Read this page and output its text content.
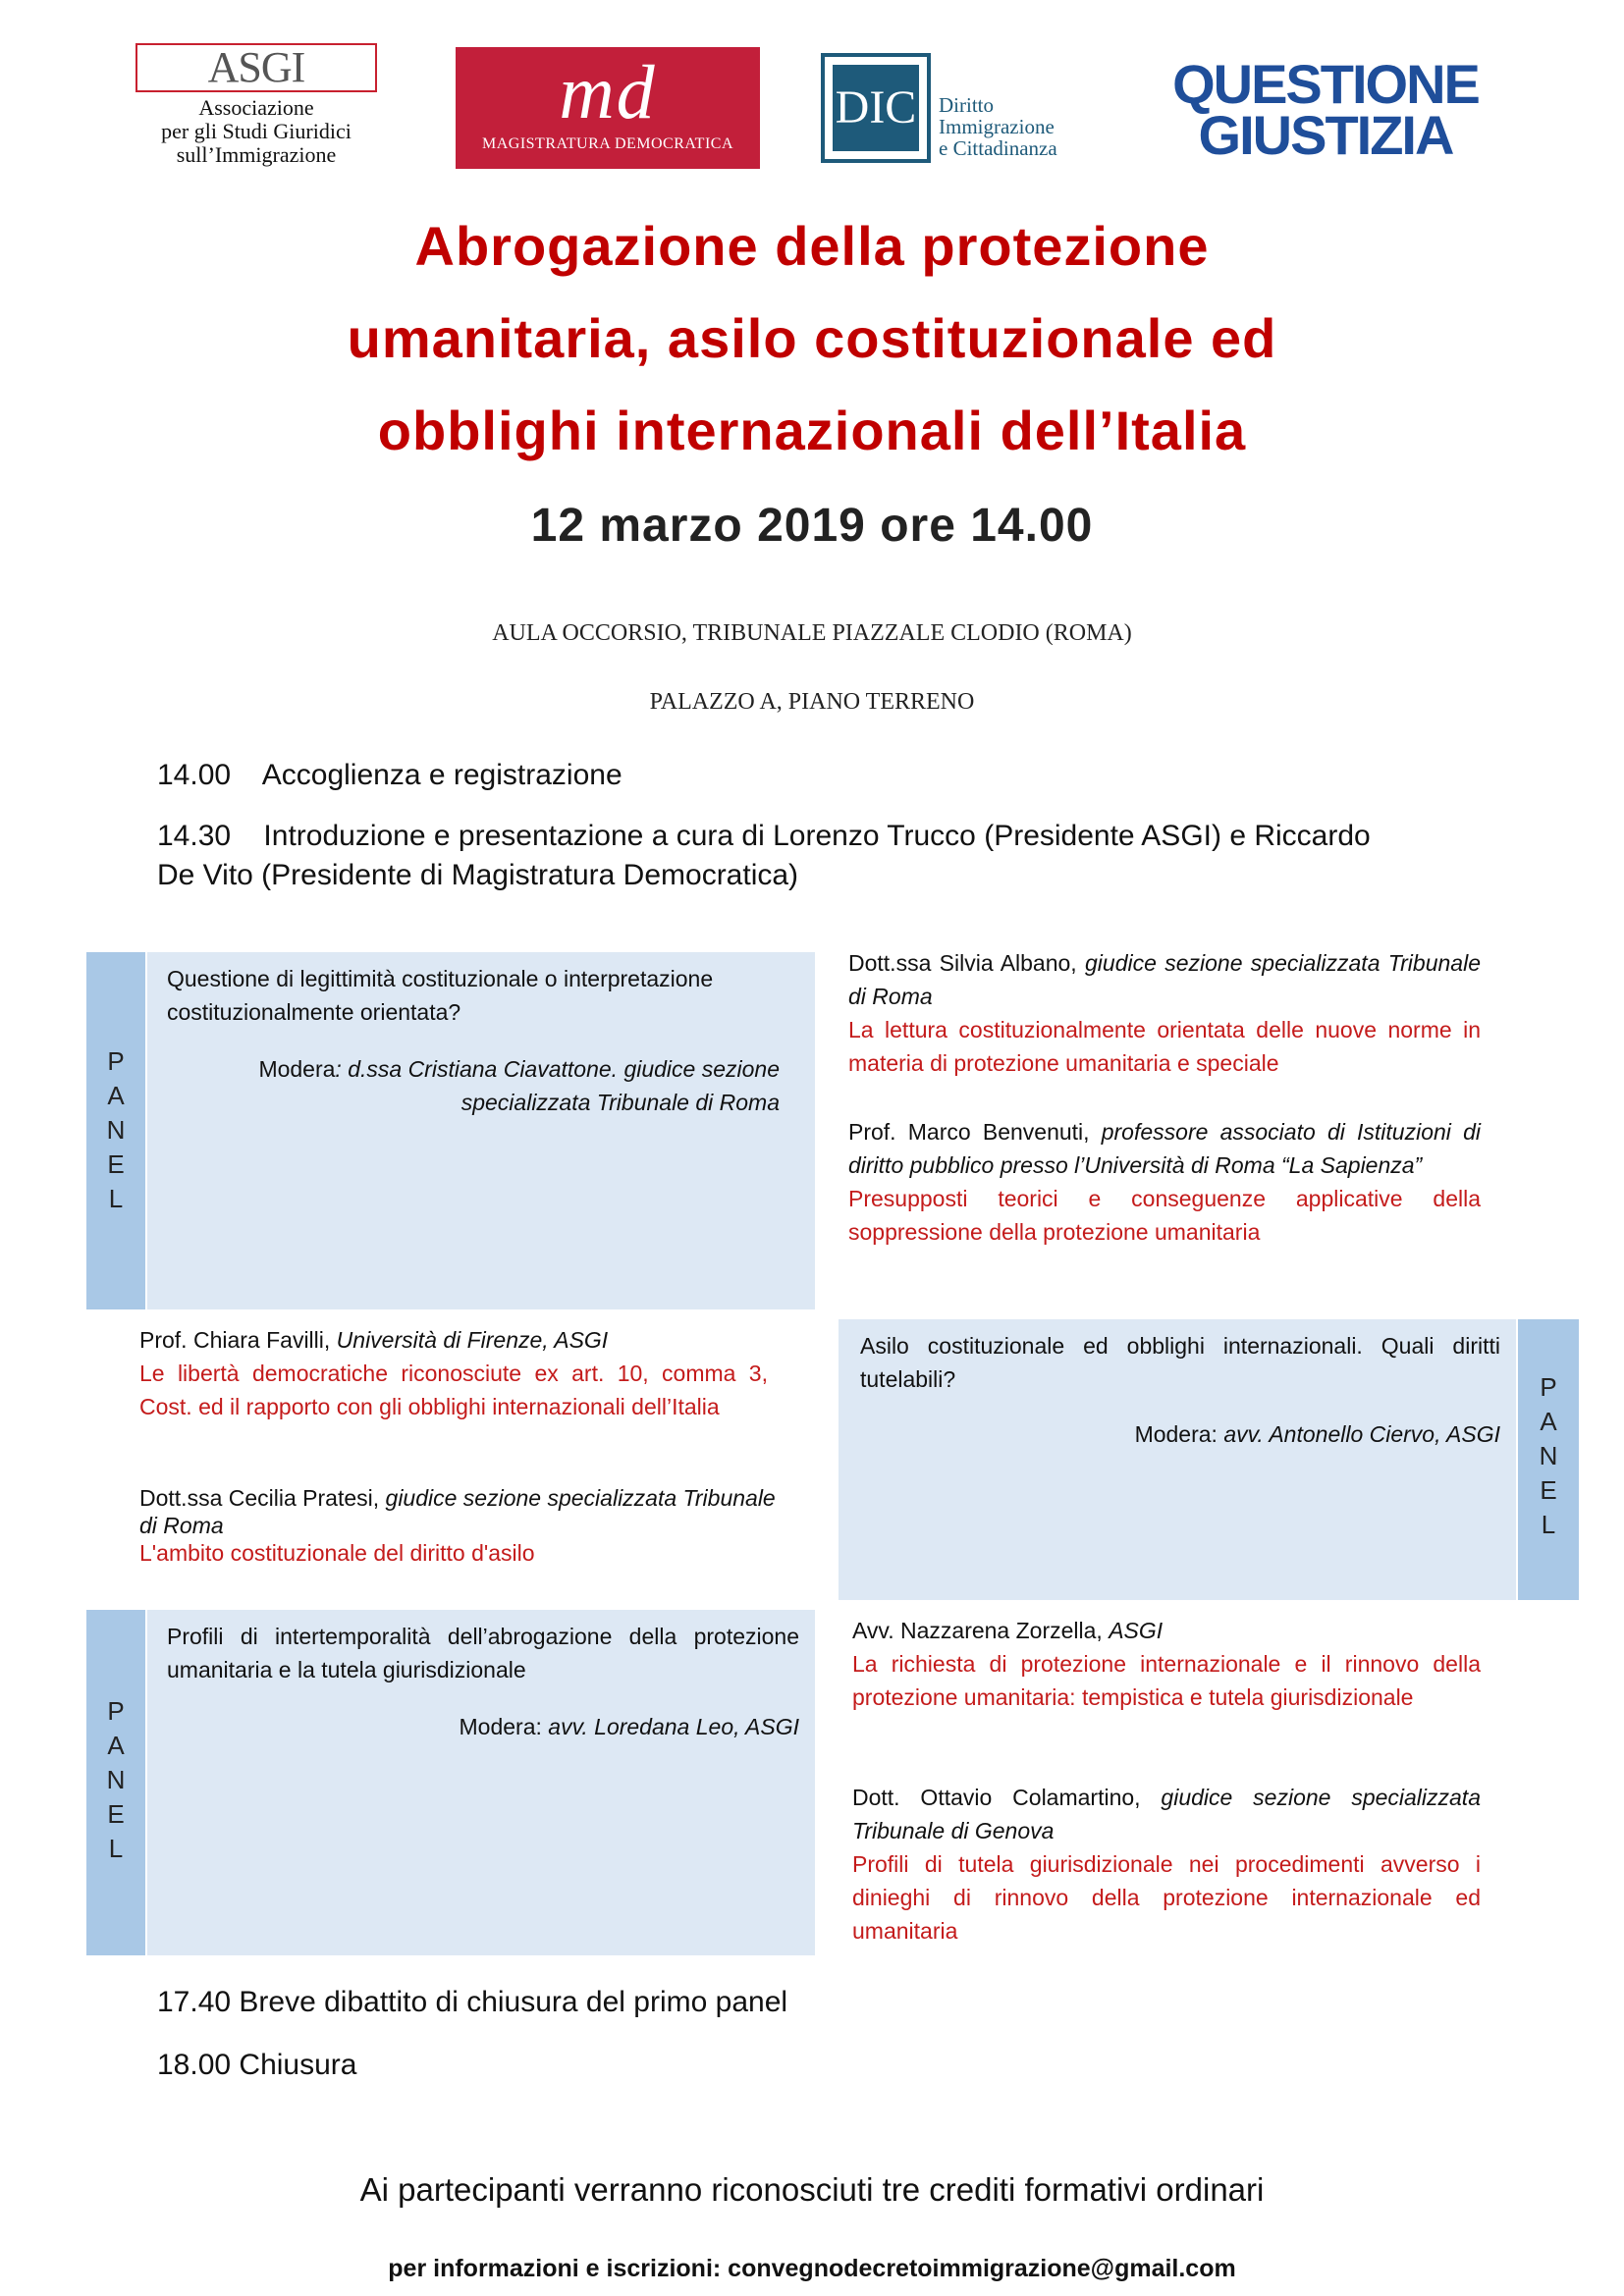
ASGI
Associazione
per gli Studi Giuridici
sull’Immigrazione
md
MAGISTRATURA DEMOCRATICA
DIC Diritto
Immigrazione
e Cittadinanza
QUESTIONE
GIUSTIZIA
Abrogazione della protezione
umanitaria, asilo costituzionale ed
obblighi internazionali dell’Italia
12 marzo 2019 ore 14.00
AULA OCCORSIO, TRIBUNALE PIAZZALE CLODIO (ROMA)
PALAZZO A, PIANO TERRENO
14.00 Accoglienza e registrazione
14.30 Introduzione e presentazione a cura di Lorenzo Trucco (Presidente ASGI) e Riccardo
De Vito (Presidente di Magistratura Democratica)
P
A
N
E
L
Questione di legittimità costituzionale o interpretazione costituzionalmente orientata?
Modera: d.ssa Cristiana Ciavattone. giudice sezione specializzata Tribunale di Roma
Dott.ssa Silvia Albano, giudice sezione specializzata Tribunale di Roma
La lettura costituzionalmente orientata delle nuove norme in materia di protezione umanitaria e speciale
Prof. Marco Benvenuti, professore associato di Istituzioni di diritto pubblico presso l’Università di Roma “La Sapienza”
Presupposti teorici e conseguenze applicative della soppressione della protezione umanitaria
Prof. Chiara Favilli, Università di Firenze, ASGI
Le libertà democratiche riconosciute ex art. 10, comma 3, Cost. ed il rapporto con gli obblighi internazionali dell’Italia
Dott.ssa Cecilia Pratesi, giudice sezione specializzata Tribunale di Roma
L'ambito costituzionale del diritto d'asilo
Asilo costituzionale ed obblighi internazionali. Quali diritti tutelabili?
Modera: avv. Antonello Ciervo, ASGI
P
A
N
E
L
P
A
N
E
L
Profili di intertemporalità dell’abrogazione della protezione umanitaria e la tutela giurisdizionale
Modera: avv. Loredana Leo, ASGI
Avv. Nazzarena Zorzella, ASGI
La richiesta di protezione internazionale e il rinnovo della protezione umanitaria: tempistica e tutela giurisdizionale
Dott. Ottavio Colamartino, giudice sezione specializzata Tribunale di Genova
Profili di tutela giurisdizionale nei procedimenti avverso i dinieghi di rinnovo della protezione internazionale ed umanitaria
17.40 Breve dibattito di chiusura del primo panel
18.00 Chiusura
Ai partecipanti verranno riconosciuti tre crediti formativi ordinari
per informazioni e iscrizioni: convegnodecretoimmigrazione@gmail.com
